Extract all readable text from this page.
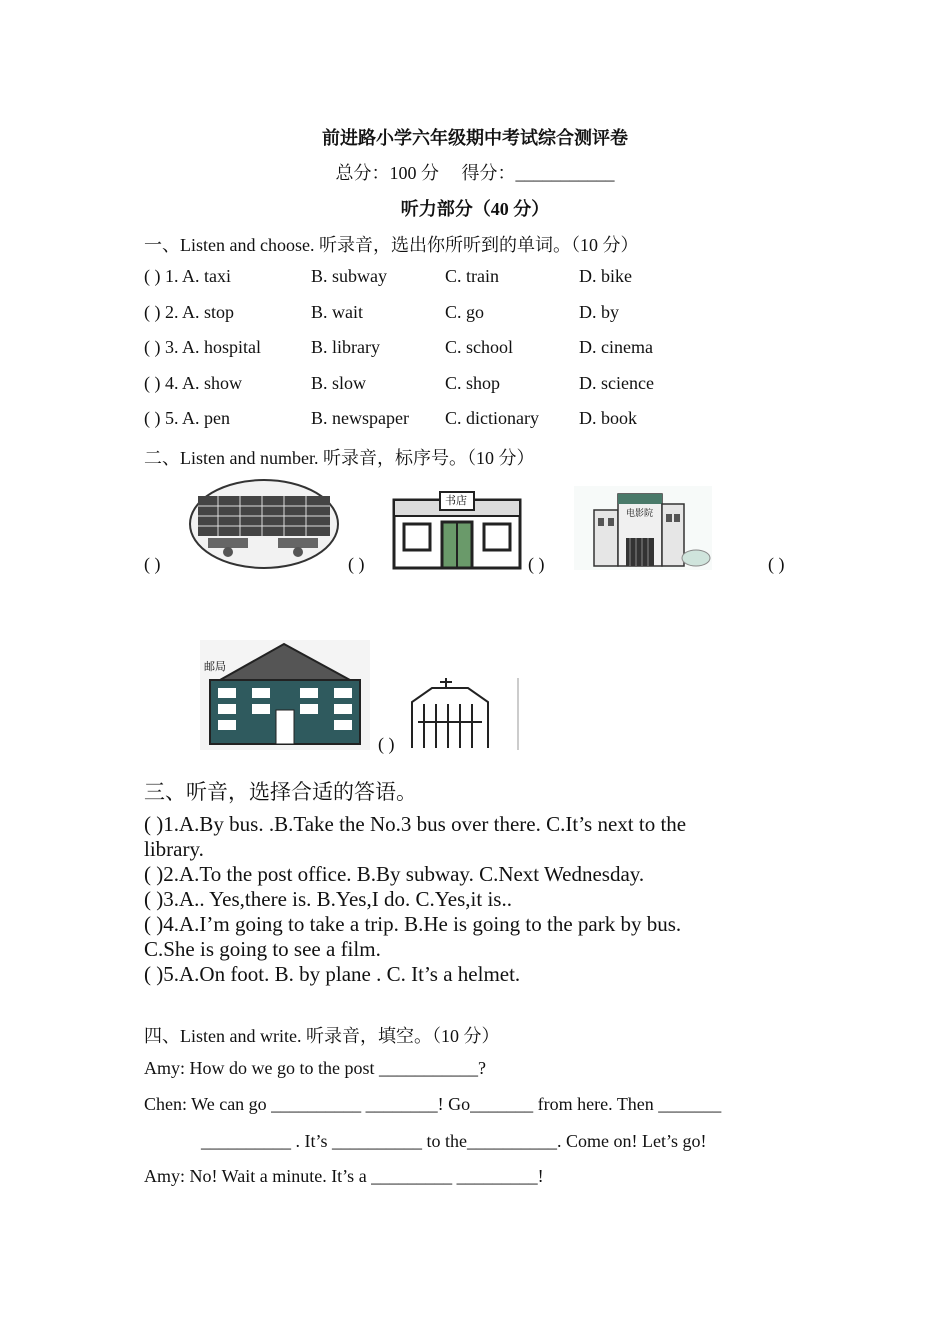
前进路小学六年级期中考试综合测评卷
总分：100 分　 得分：___________
听力部分（40 分）
一、Listen and choose. 听录音，选出你所听到的单词。（10 分）
( ) 1. A. taxi	B. subway	C. train	D. bike
( ) 2. A. stop	B. wait	C. go	D. by
( ) 3. A. hospital	B. library	C. school	D. cinema
( ) 4. A. show	B. slow	C. shop	D. science
( ) 5. A. pen	B. newspaper C. dictionary D. book
二、Listen and number. 听录音，标序号。（10 分）
( )	( )	( )	( )
( )
书店
电影院
邮局
三、听音，选择合适的答语。
( )1.A.By bus. .B.Take the No.3 bus over there. C.It’s next to the
library.
( )2.A.To the post office. B.By subway. C.Next Wednesday.
( )3.A.. Yes,there is. B.Yes,I do. C.Yes,it is..
( )4.A.I’m going to take a trip. B.He is going to the park by bus.
C.She is going to see a film.
( )5.A.On foot. B. by plane . C. It’s a helmet.
四、Listen and write. 听录音，填空。（10 分）
Amy: How do we go to the post ___________?
Chen: We can go __________ ________! Go_______ from here. Then _______
__________ . It’s __________ to the__________. Come on! Let’s go!
Amy: No! Wait a minute. It’s a _________ _________!
